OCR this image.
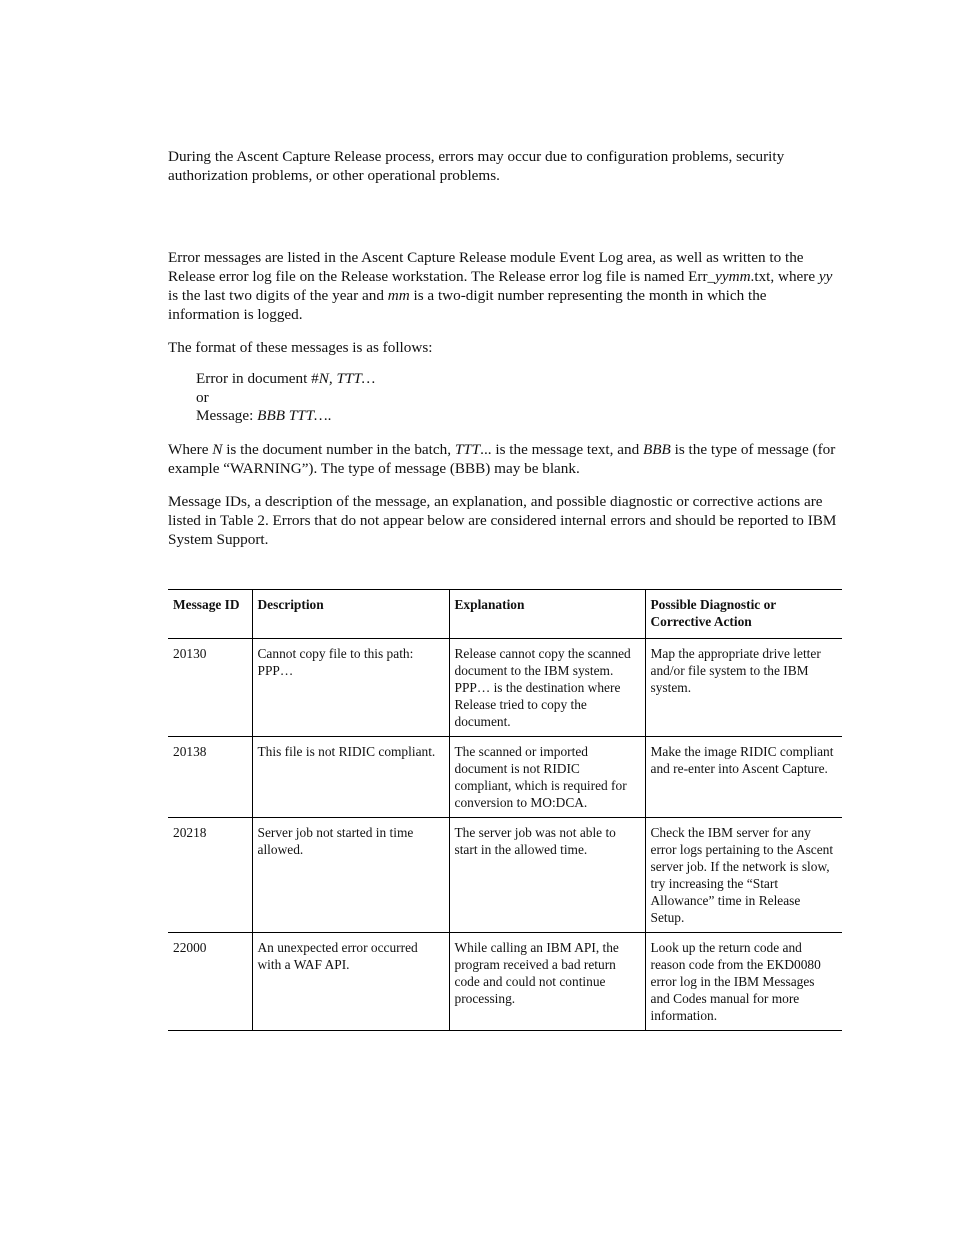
During the Ascent Capture Release process, errors may occur due to configuration problems, security authorization problems, or other operational problems.

Error messages are listed in the Ascent Capture Release module Event Log area, as well as written to the Release error log file on the Release workstation. The Release error log file is named Err_yymm.txt, where yy is the last two digits of the year and mm is a two-digit number representing the month in which the information is logged.

The format of these messages is as follows:

Error in document #N, TTT…
or
Message: BBB TTT….

Where N is the document number in the batch, TTT... is the message text, and BBB is the type of message (for example “WARNING”). The type of message (BBB) may be blank.

Message IDs, a description of the message, an explanation, and possible diagnostic or corrective actions are listed in Table 2. Errors that do not appear below are considered internal errors and should be reported to IBM System Support.

Message ID	Description	Explanation	Possible Diagnostic or Corrective Action
20130	Cannot copy file to this path: PPP…	Release cannot copy the scanned document to the IBM system. PPP… is the destination where Release tried to copy the document.	Map the appropriate drive letter and/or file system to the IBM system.
20138	This file is not RIDIC compliant.	The scanned or imported document is not RIDIC compliant, which is required for conversion to MO:DCA.	Make the image RIDIC compliant and re-enter into Ascent Capture.
20218	Server job not started in time allowed.	The server job was not able to start in the allowed time.	Check the IBM server for any error logs pertaining to the Ascent server job. If the network is slow, try increasing the “Start Allowance” time in Release Setup.
22000	An unexpected error occurred with a WAF API.	While calling an IBM API, the program received a bad return code and could not continue processing.	Look up the return code and reason code from the EKD0080 error log in the IBM Messages and Codes manual for more information.
